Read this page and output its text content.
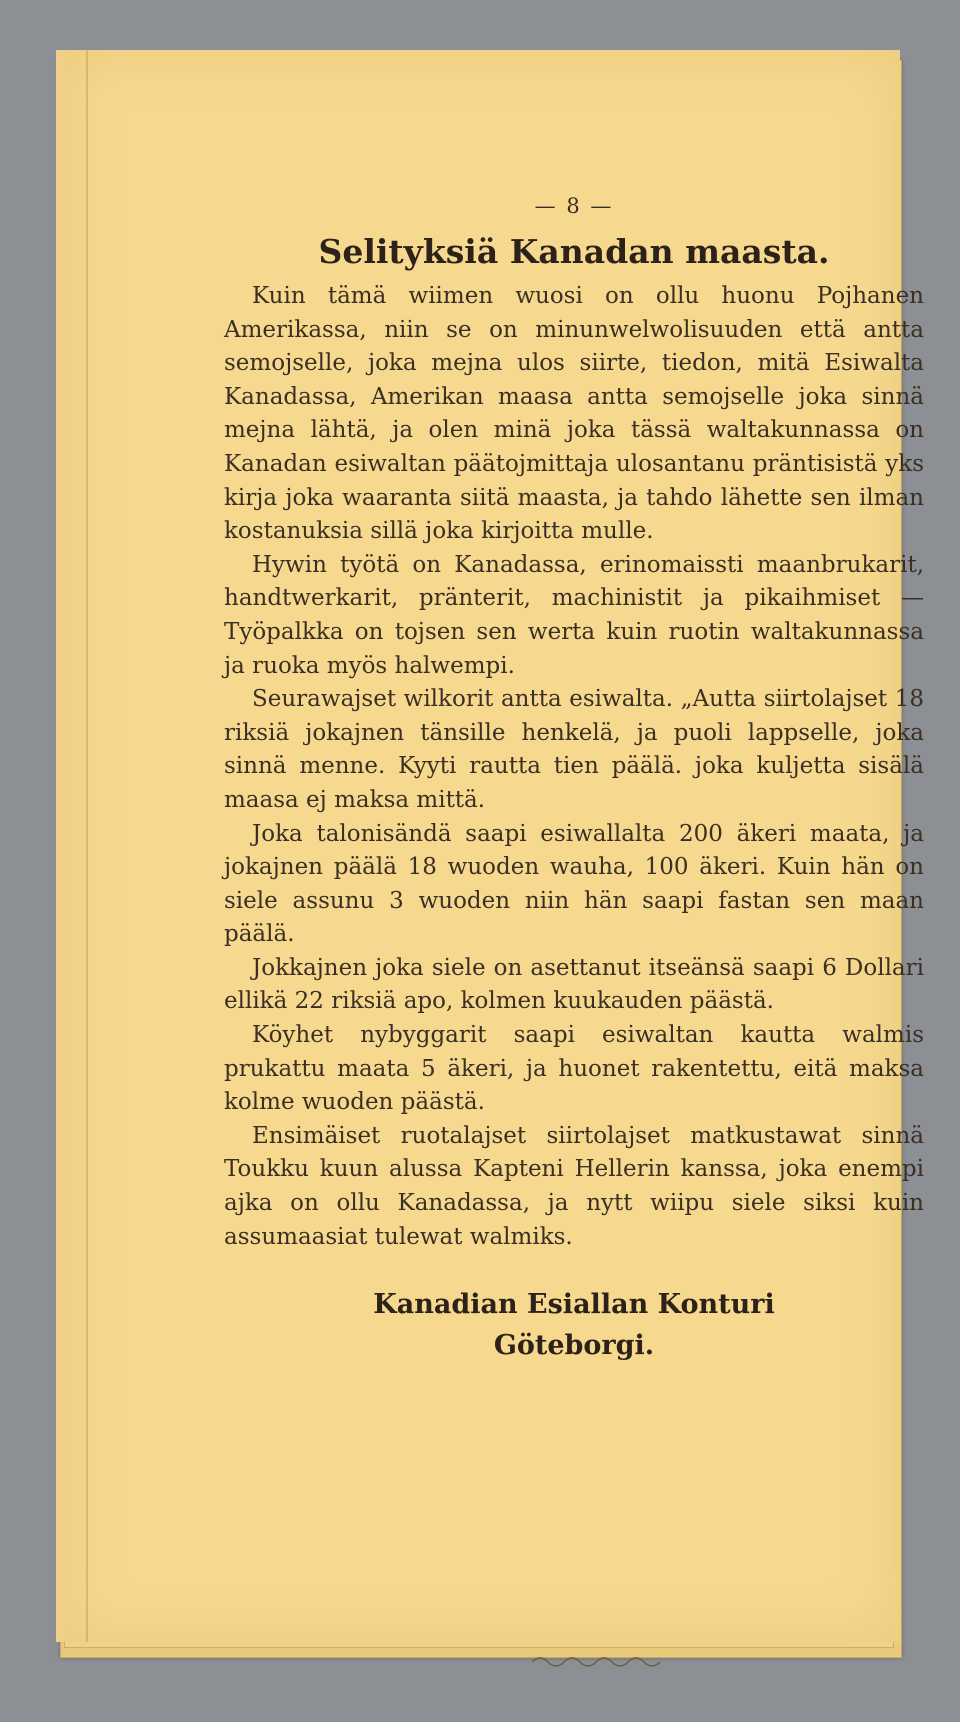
— 8 —
Selityksiä Kanadan maasta.

Kuin tämä wiimen wuosi on ollu huonu Pojhanen Amerikassa, niin se on minunwelwolisuuden että antta semojselle, joka mejna ulos siirte, tiedon, mitä Esiwalta Kanadassa, Amerikan maasa antta semojselle joka sinnä mejna lähtä, ja olen minä joka tässä waltakunnassa on Kanadan esiwaltan päätojmittaja ulosantanu präntisistä yks kirja joka waaranta siitä maasta, ja tahdo lähette sen ilman kostanuksia sillä joka kirjoitta mulle.

Hywin työtä on Kanadassa, erinomaissti maanbrukarit, handtwerkarit, pränterit, machinistit ja pikaihmiset — Työpalkka on tojsen sen werta kuin ruotin waltakunnassa ja ruoka myös halwempi.

Seurawajset wilkorit antta esiwalta. „Autta siirtolajset 18 riksiä jokajnen tänsille henkelä, ja puoli lappselle, joka sinnä menne. Kyyti rautta tien päälä. joka kuljetta sisälä maasa ej maksa mittä.

Joka talonisändä saapi esiwallalta 200 äkeri maata, ja jokajnen päälä 18 wuoden wauha, 100 äkeri. Kuin hän on siele assunu 3 wuoden niin hän saapi fastan sen maan päälä.

Jokkajnen joka siele on asettanut itseänsä saapi 6 Dollari ellikä 22 riksiä apo, kolmen kuukauden päästä.

Köyhet nybyggarit saapi esiwaltan kautta walmis prukattu maata 5 äkeri, ja huonet rakentettu, eitä maksa kolme wuoden päästä.

Ensimäiset ruotalajset siirtolajset matkustawat sinnä Toukku kuun alussa Kapteni Hellerin kanssa, joka enempi ajka on ollu Kanadassa, ja nytt wiipu siele siksi kuin assumaasiat tulewat walmiks.

Kanadian Esiallan Konturi
Göteborgi.
